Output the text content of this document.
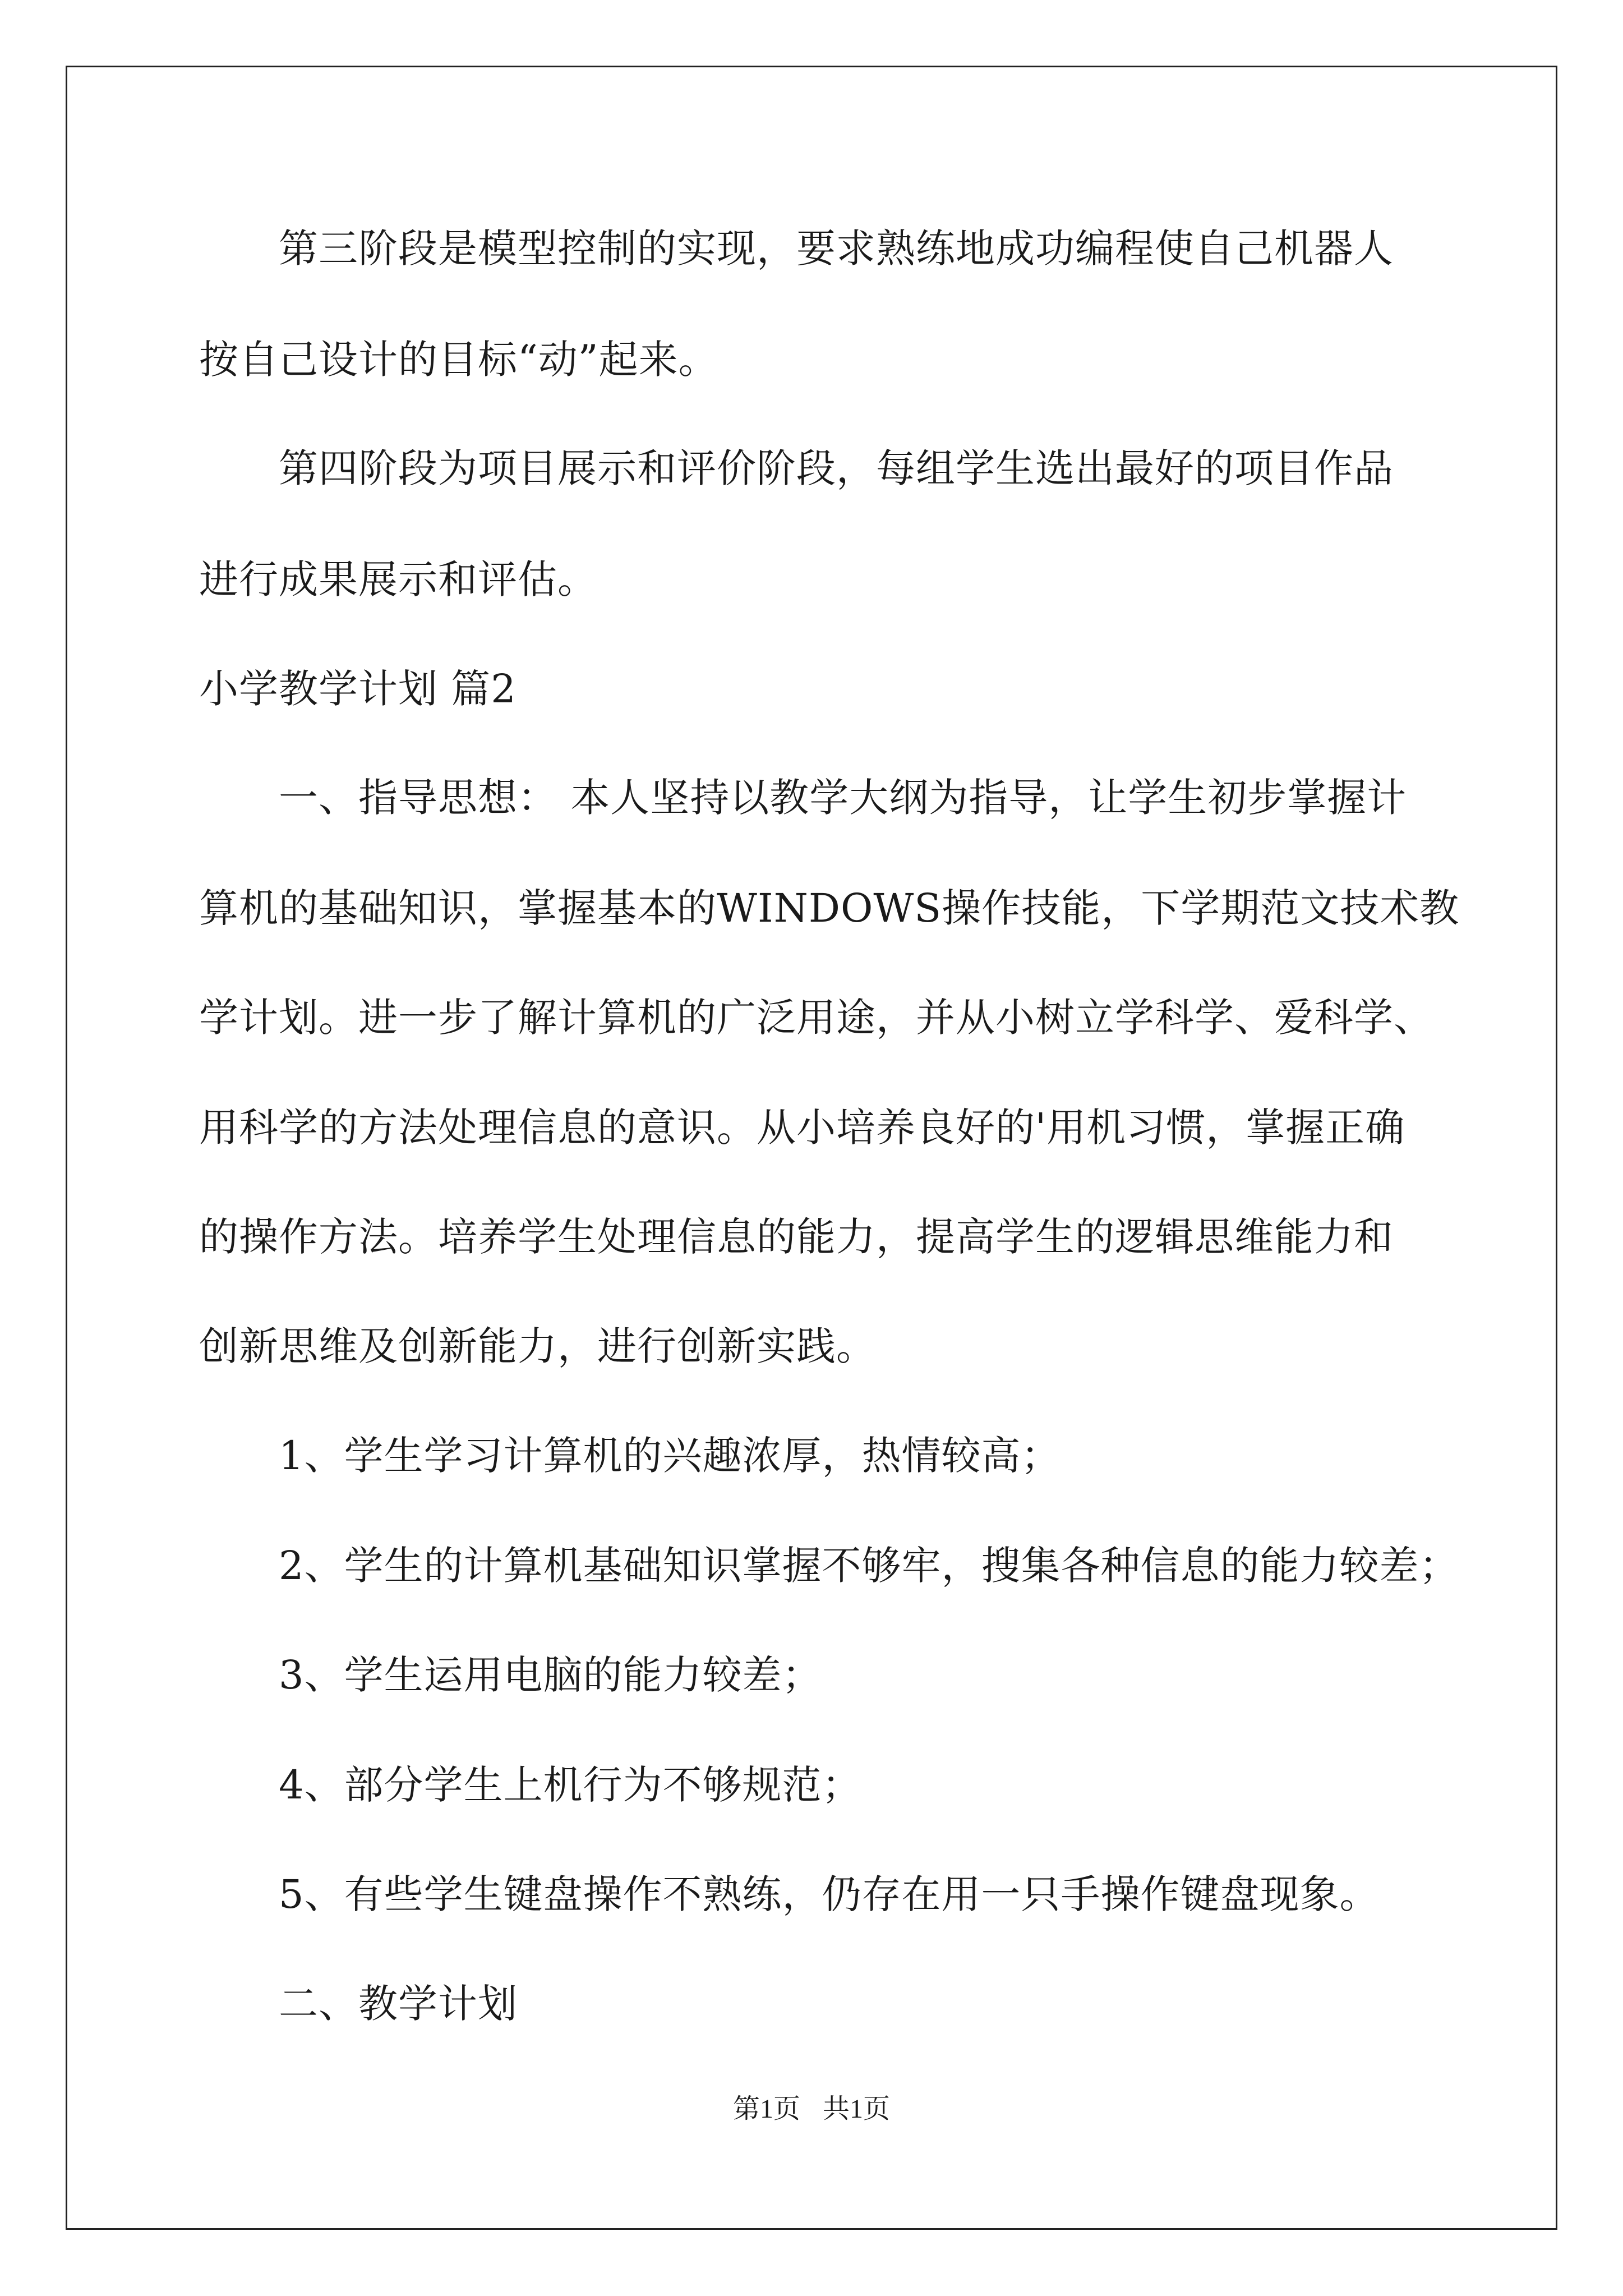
第三阶段是模型控制的实现，要求熟练地成功编程使自己机器人
按自己设计的目标“动”起来。
第四阶段为项目展示和评价阶段，每组学生选出最好的项目作品
进行成果展示和评估。
小学教学计划 篇2
一、指导思想： 本人坚持以教学大纲为指导，让学生初步掌握计
算机的基础知识，掌握基本的WINDOWS操作技能，下学期范文技术教
学计划。进一步了解计算机的广泛用途，并从小树立学科学、爱科学、
用科学的方法处理信息的意识。从小培养良好的'用机习惯，掌握正确
的操作方法。培养学生处理信息的能力，提高学生的逻辑思维能力和
创新思维及创新能力，进行创新实践。
1、学生学习计算机的兴趣浓厚，热情较高；
2、学生的计算机基础知识掌握不够牢，搜集各种信息的能力较差；
3、学生运用电脑的能力较差；
4、部分学生上机行为不够规范；
5、有些学生键盘操作不熟练，仍存在用一只手操作键盘现象。
二、教学计划
第1页 共1页
